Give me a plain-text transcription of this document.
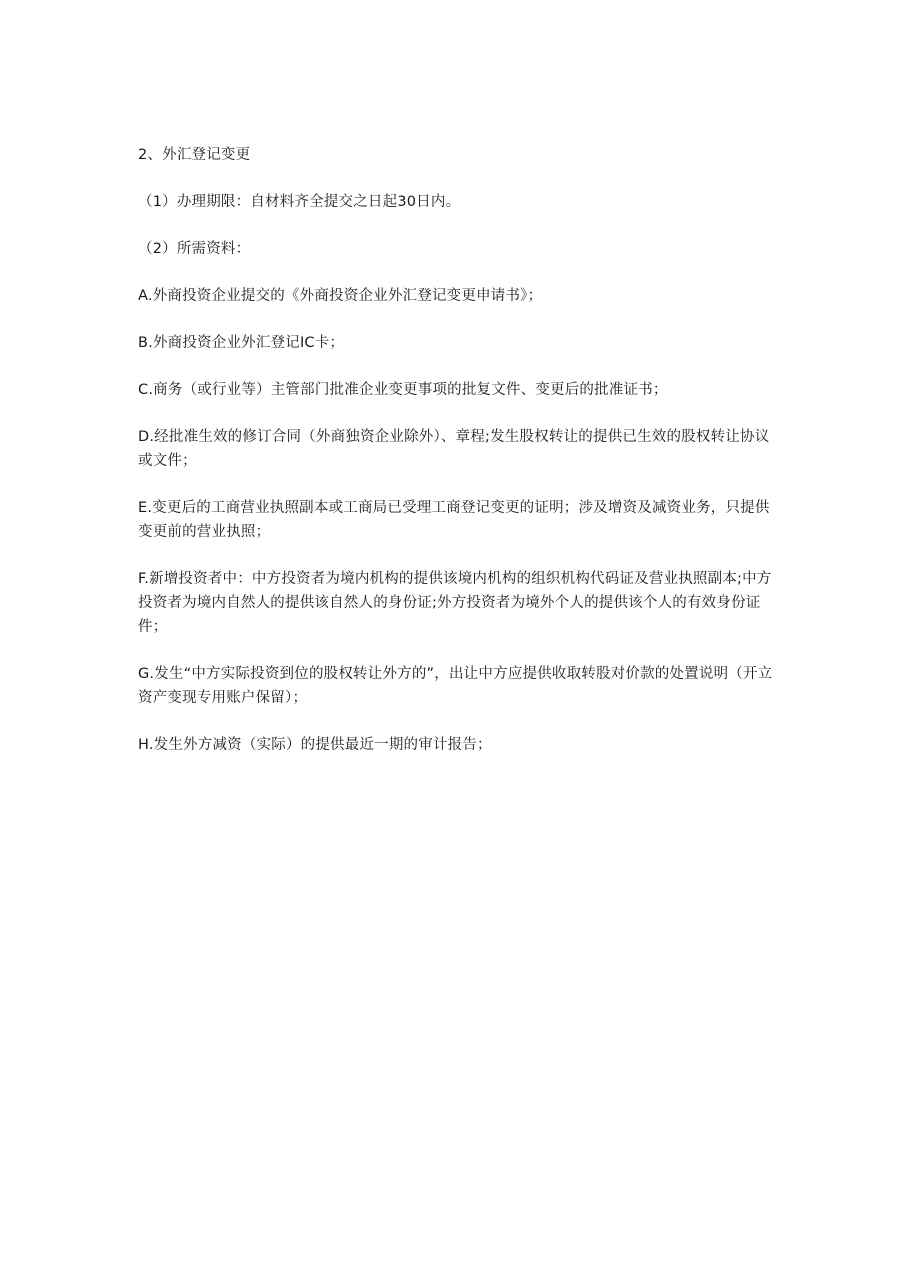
2、外汇登记变更

（1）办理期限：自材料齐全提交之日起30日内。

（2）所需资料：

A.外商投资企业提交的《外商投资企业外汇登记变更申请书》；

B.外商投资企业外汇登记IC卡；

C.商务（或行业等）主管部门批准企业变更事项的批复文件、变更后的批准证书；

D.经批准生效的修订合同（外商独资企业除外）、章程;发生股权转让的提供已生效的股权转让协议或文件；

E.变更后的工商营业执照副本或工商局已受理工商登记变更的证明；涉及增资及减资业务，只提供变更前的营业执照；

F.新增投资者中：中方投资者为境内机构的提供该境内机构的组织机构代码证及营业执照副本;中方投资者为境内自然人的提供该自然人的身份证;外方投资者为境外个人的提供该个人的有效身份证件；

G.发生“中方实际投资到位的股权转让外方的”，出让中方应提供收取转股对价款的处置说明（开立资产变现专用账户保留）；

H.发生外方减资（实际）的提供最近一期的审计报告；
